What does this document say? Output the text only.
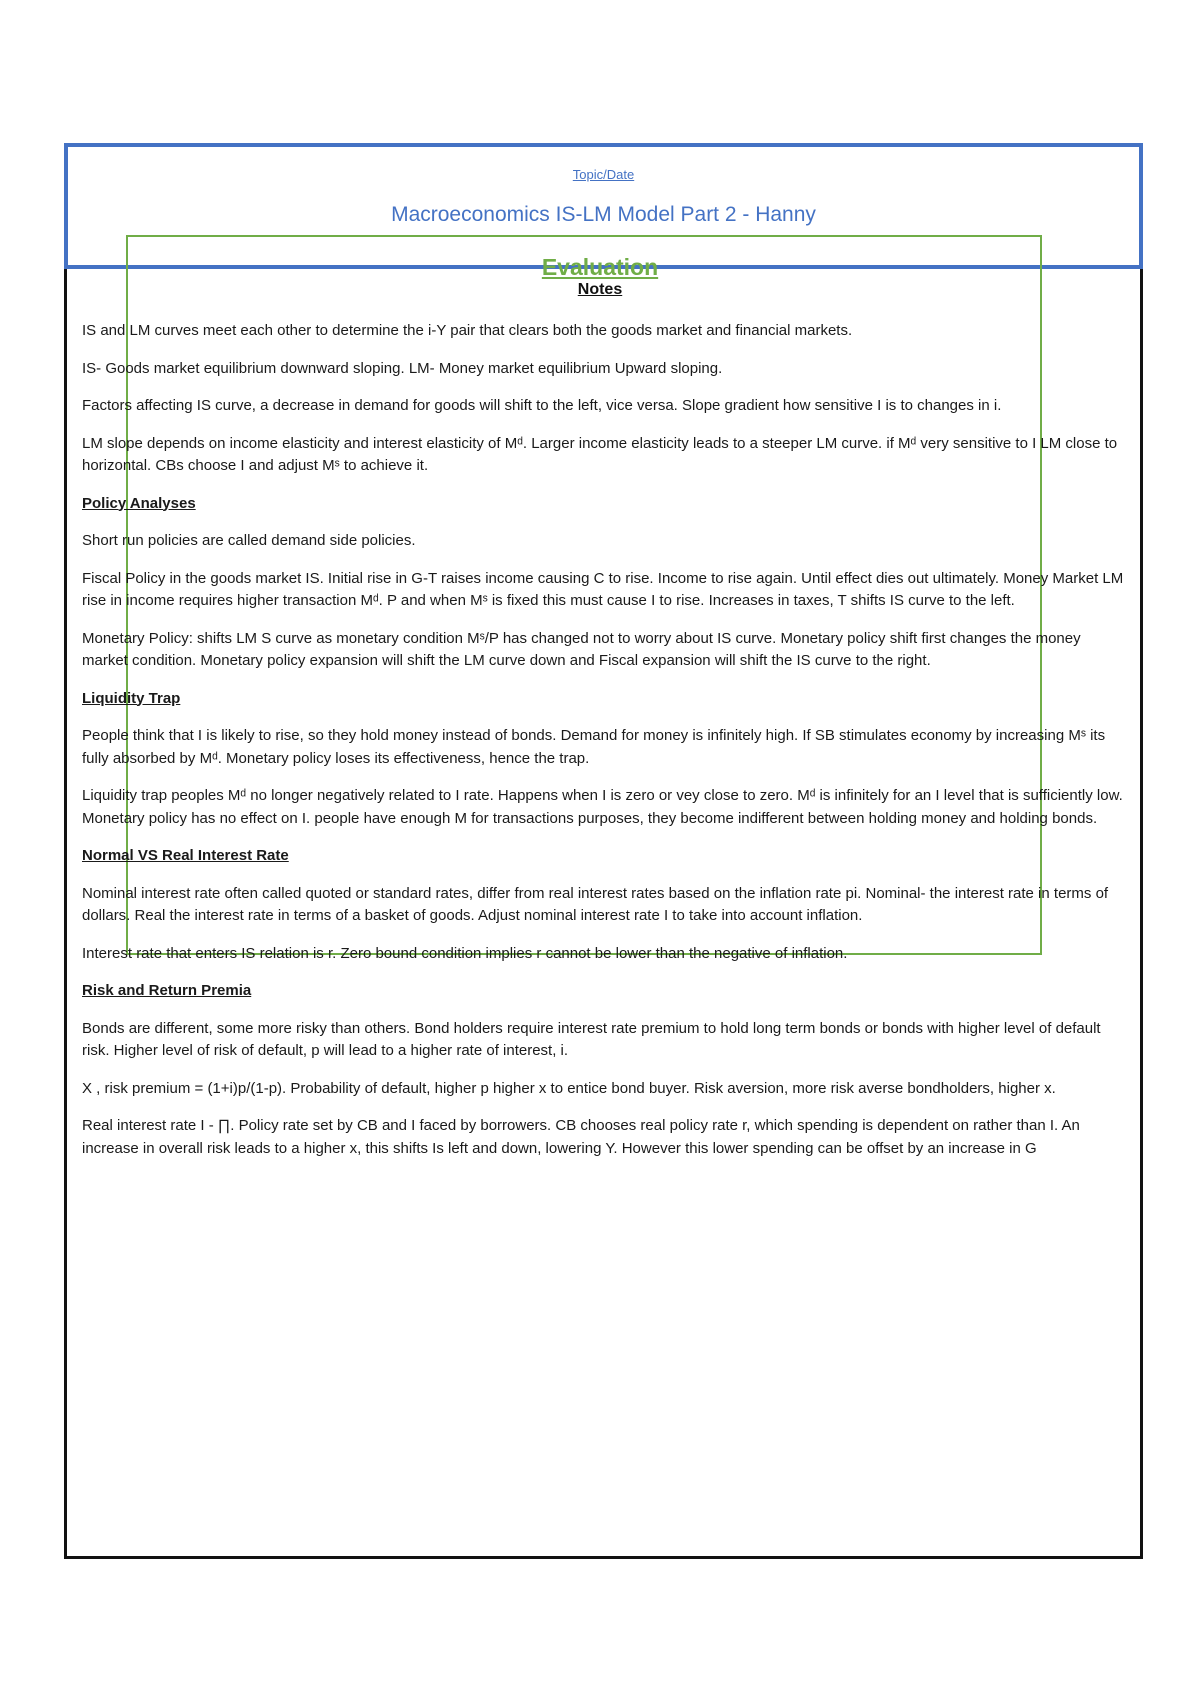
Topic/Date
Macroeconomics IS-LM Model Part 2 - Hanny
Evaluation
Notes

IS and LM curves meet each other to determine the i-Y pair that clears both the goods market and financial markets.

IS- Goods market equilibrium downward sloping. LM- Money market equilibrium Upward sloping.

Factors affecting IS curve, a decrease in demand for goods will shift to the left, vice versa. Slope gradient how sensitive I is to changes in i.

LM slope depends on income elasticity and interest elasticity of Mᵈ. Larger income elasticity leads to a steeper LM curve. if Mᵈ very sensitive to I LM close to horizontal. CBs choose I and adjust Mˢ to achieve it.

Policy Analyses

Short run policies are called demand side policies.

Fiscal Policy in the goods market IS. Initial rise in G-T raises income causing C to rise. Income to rise again. Until effect dies out ultimately. Money Market LM rise in income requires higher transaction Mᵈ. P and when Mˢ is fixed this must cause I to rise. Increases in taxes, T shifts IS curve to the left.

Monetary Policy: shifts LM S curve as monetary condition Mˢ/P has changed not to worry about IS curve. Monetary policy shift first changes the money market condition. Monetary policy expansion will shift the LM curve down and Fiscal expansion will shift the IS curve to the right.

Liquidity Trap

People think that I is likely to rise, so they hold money instead of bonds. Demand for money is infinitely high. If SB stimulates economy by increasing Mˢ its fully absorbed by Mᵈ. Monetary policy loses its effectiveness, hence the trap.

Liquidity trap peoples Mᵈ no longer negatively related to I rate. Happens when I is zero or vey close to zero. Mᵈ is infinitely for an I level that is sufficiently low. Monetary policy has no effect on I. people have enough M for transactions purposes, they become indifferent between holding money and holding bonds.

Normal VS Real Interest Rate

Nominal interest rate often called quoted or standard rates, differ from real interest rates based on the inflation rate pi. Nominal- the interest rate in terms of dollars. Real the interest rate in terms of a basket of goods. Adjust nominal interest rate I to take into account inflation.

Interest rate that enters IS relation is r. Zero bound condition implies r cannot be lower than the negative of inflation.

Risk and Return Premia

Bonds are different, some more risky than others. Bond holders require interest rate premium to hold long term bonds or bonds with higher level of default risk. Higher level of risk of default, p will lead to a higher rate of interest, i.

X , risk premium = (1+i)p/(1-p). Probability of default, higher p higher x to entice bond buyer. Risk aversion, more risk averse bondholders, higher x.

Real interest rate I - ∏. Policy rate set by CB and I faced by borrowers. CB chooses real policy rate r, which spending is dependent on rather than I. An increase in overall risk leads to a higher x, this shifts Is left and down, lowering Y. However this lower spending can be offset by an increase in G
